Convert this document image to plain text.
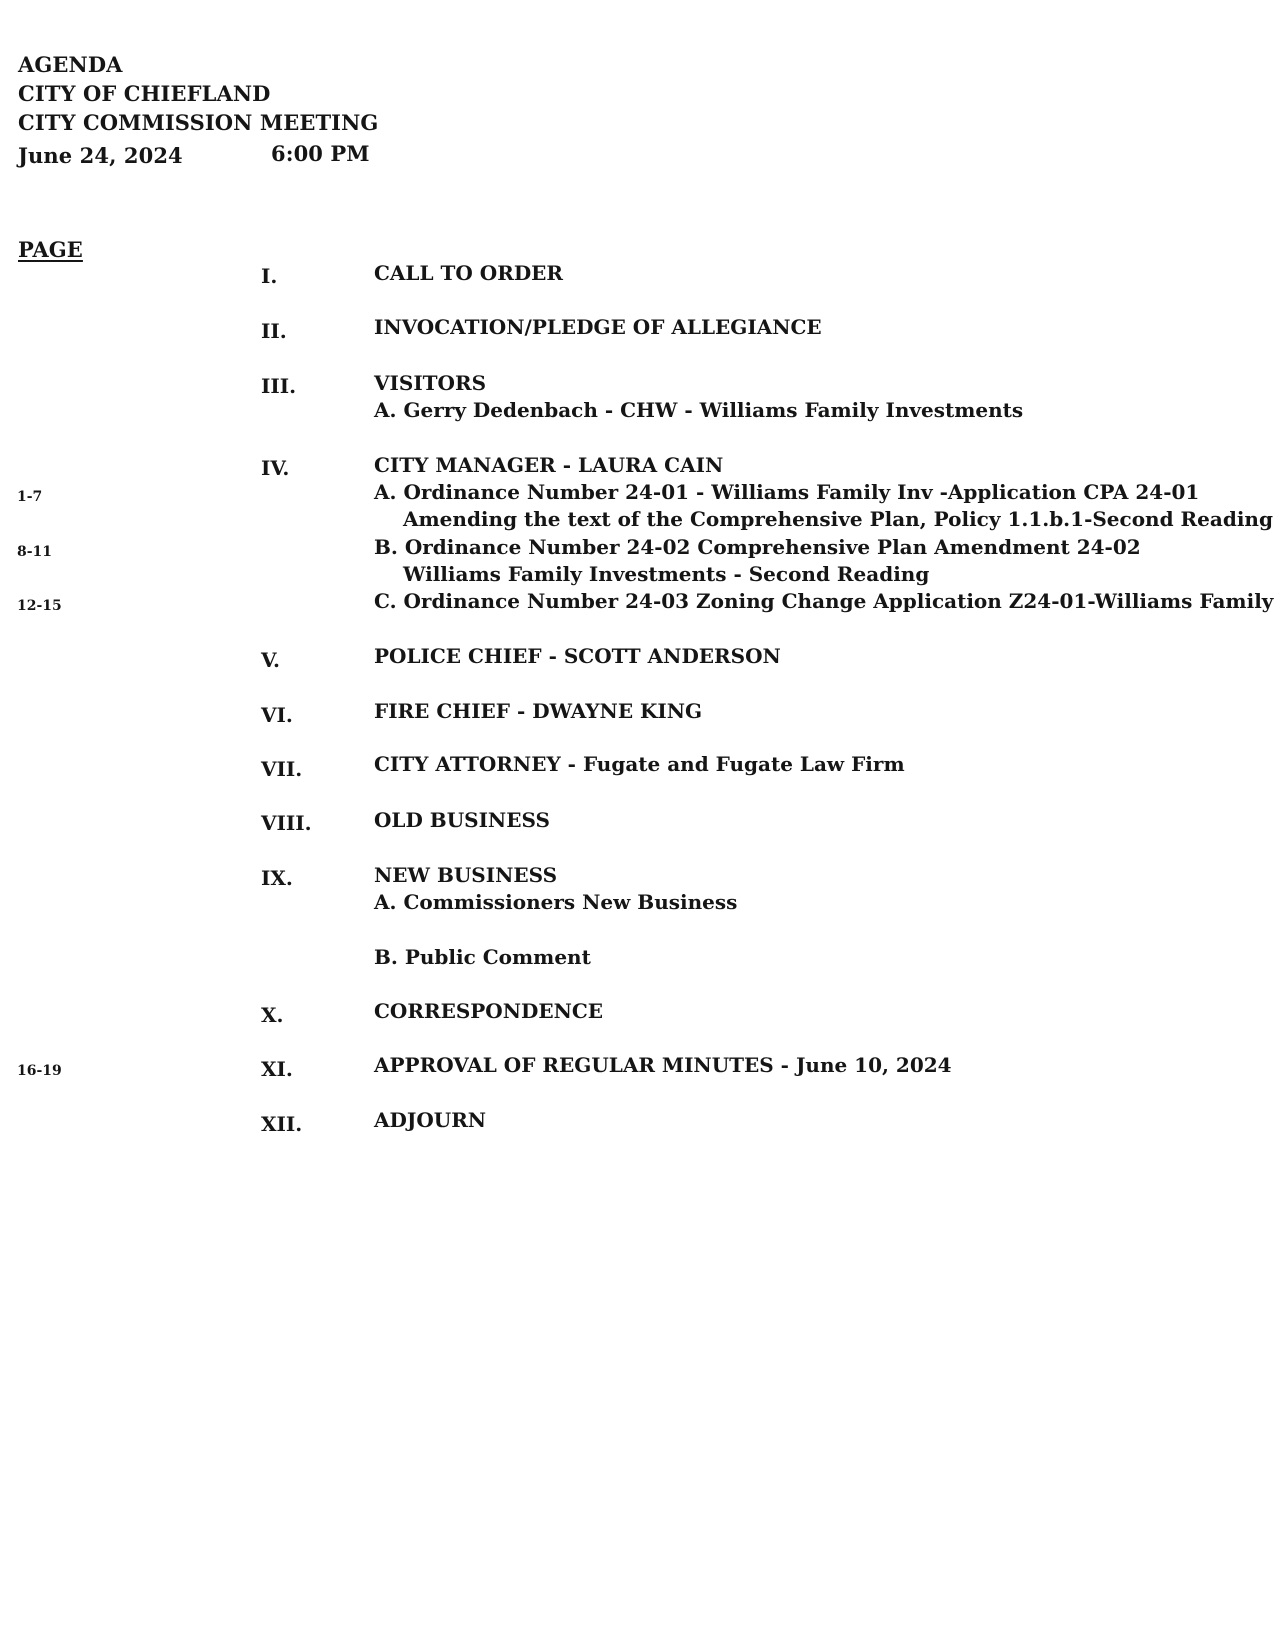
AGENDA
CITY OF CHIEFLAND
CITY COMMISSION MEETING
June 24, 2024	6:00 PM
PAGE
I.	CALL TO ORDER
II.	INVOCATION/PLEDGE OF ALLEGIANCE
III.	VISITORS
A. Gerry Dedenbach - CHW - Williams Family Investments
IV.	CITY MANAGER - LAURA CAIN
1-7	A. Ordinance Number 24-01 - Williams Family Inv -Application CPA 24-01
Amending the text of the Comprehensive Plan, Policy 1.1.b.1-Second Reading
8-11	B. Ordinance Number 24-02 Comprehensive Plan Amendment 24-02
Williams Family Investments - Second Reading
12-15	C. Ordinance Number 24-03 Zoning Change Application Z24-01-Williams Family
V.	POLICE CHIEF - SCOTT ANDERSON
VI.	FIRE CHIEF - DWAYNE KING
VII.	CITY ATTORNEY - Fugate and Fugate Law Firm
VIII.	OLD BUSINESS
IX.	NEW BUSINESS
A. Commissioners New Business
B. Public Comment
X.	CORRESPONDENCE
16-19	XI.	APPROVAL OF REGULAR MINUTES - June 10, 2024
XII.	ADJOURN
